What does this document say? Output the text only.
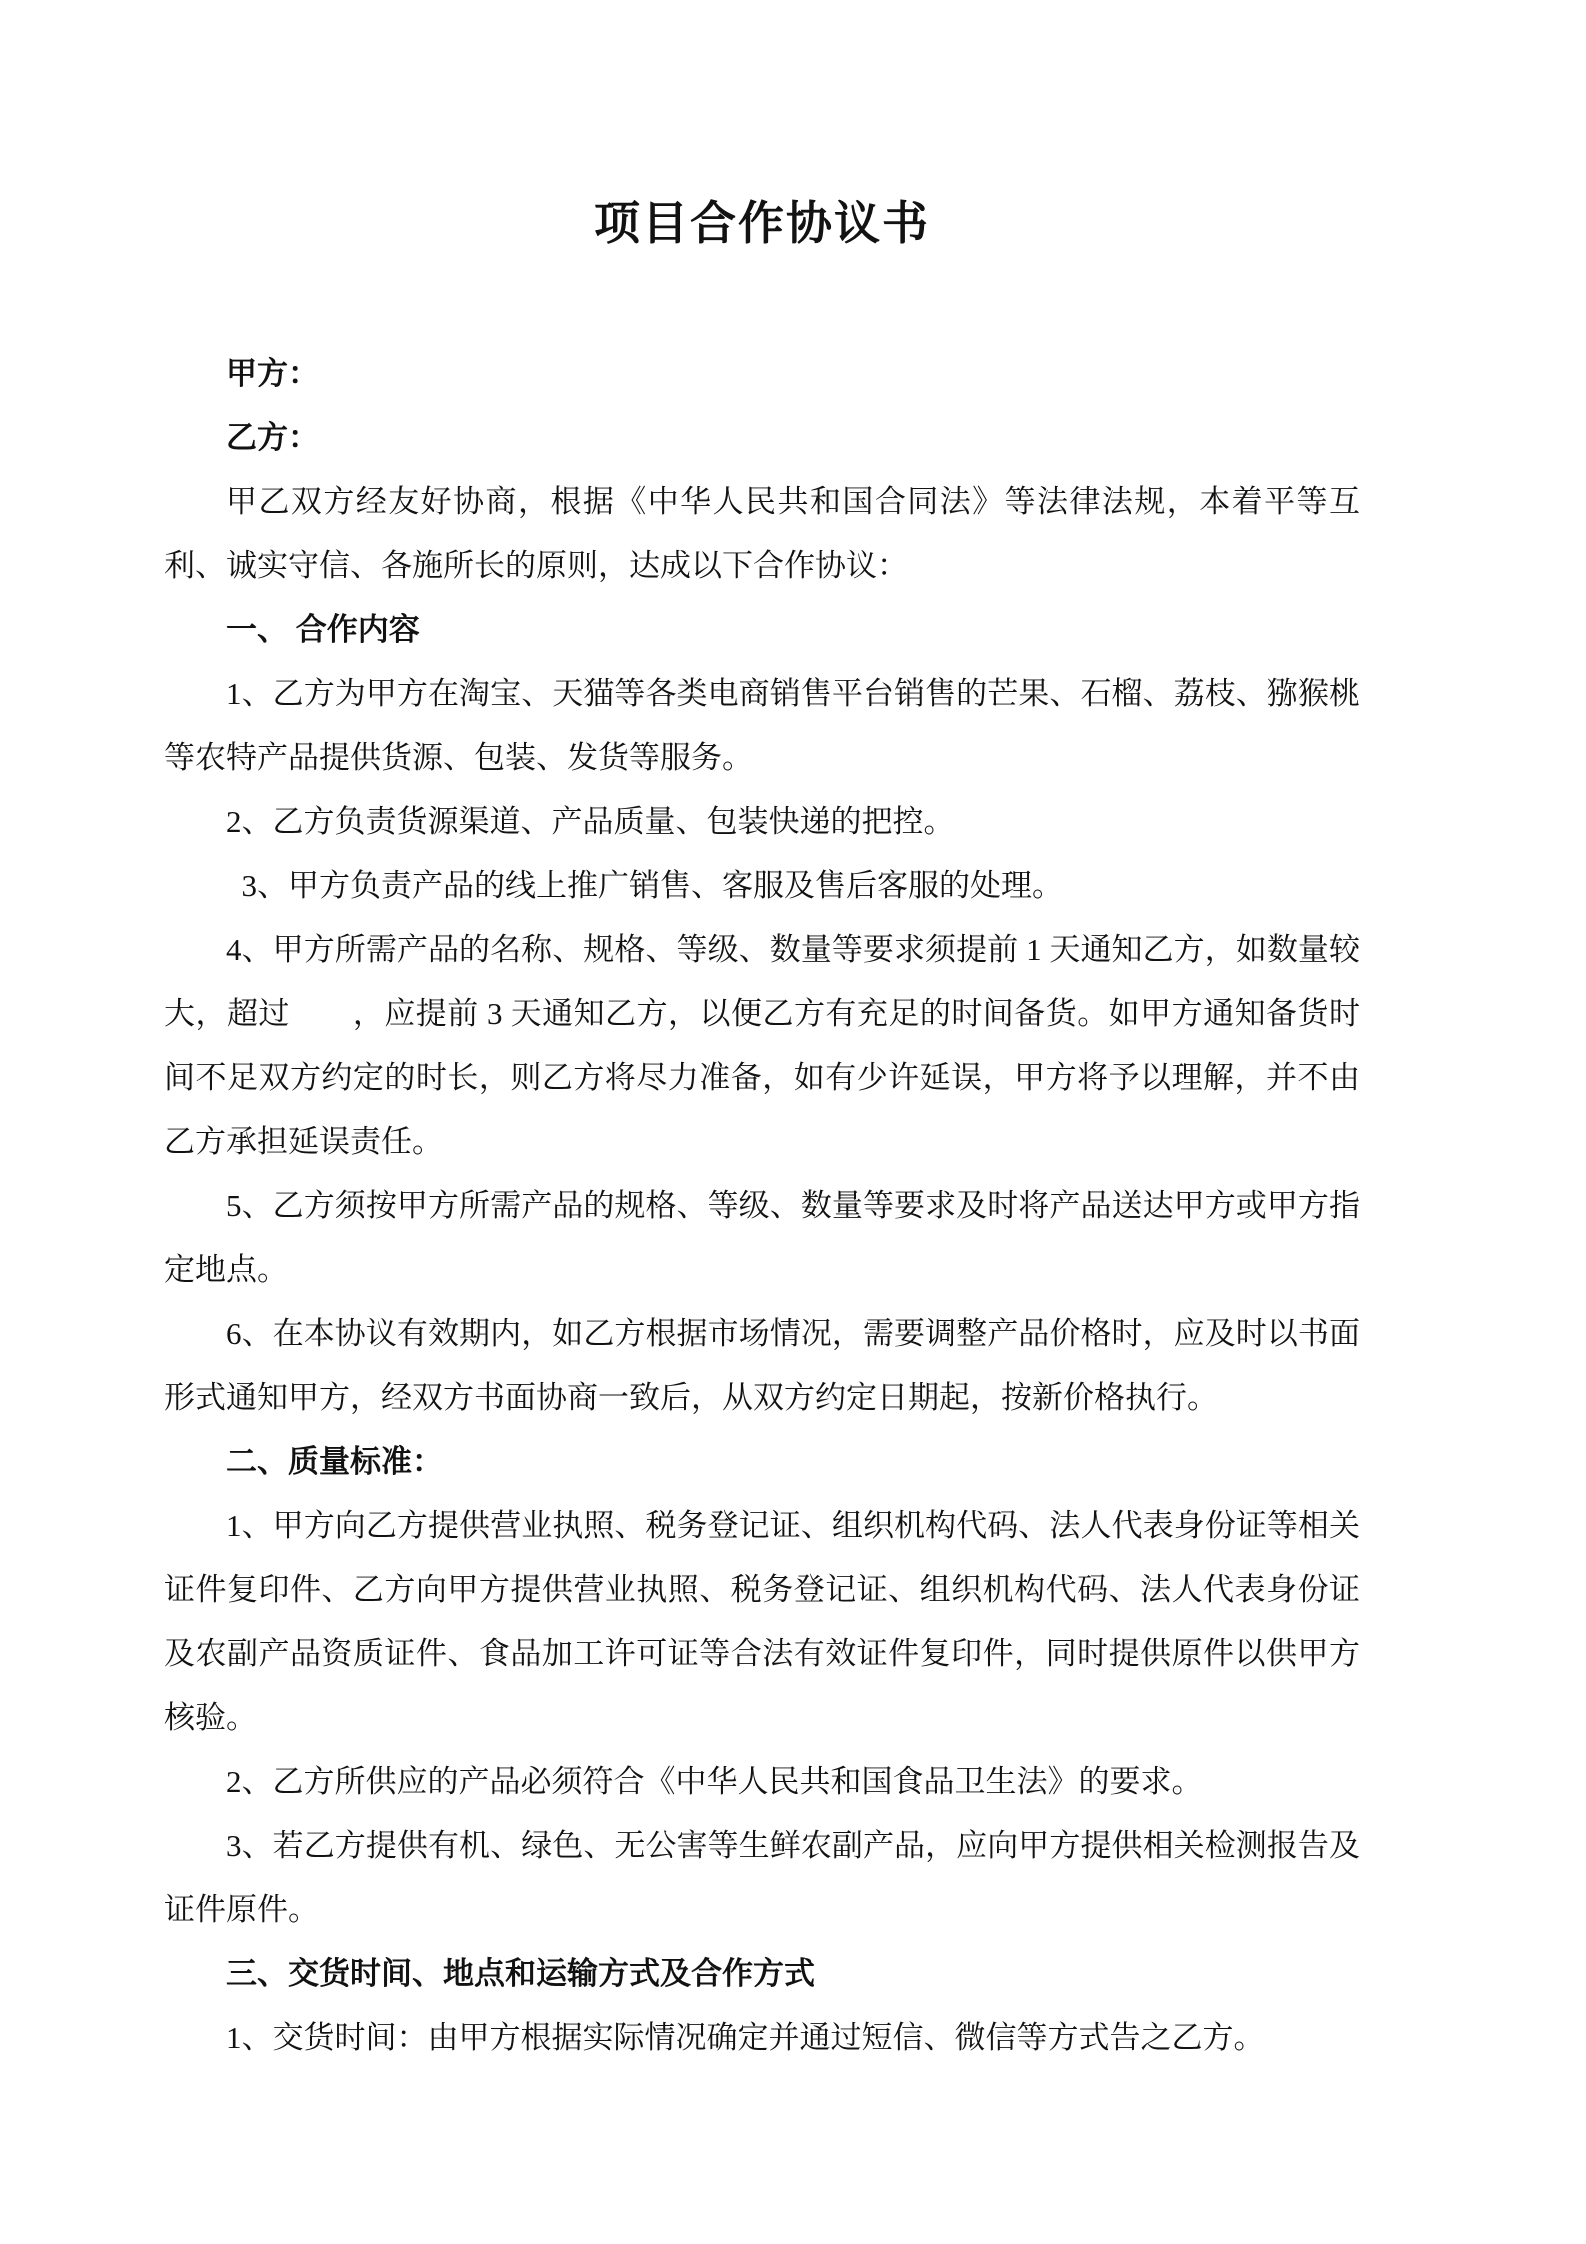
项目合作协议书

甲方：

乙方：

甲乙双方经友好协商，根据《中华人民共和国合同法》等法律法规，本着平等互利、诚实守信、各施所长的原则，达成以下合作协议：

一、 合作内容

1、乙方为甲方在淘宝、天猫等各类电商销售平台销售的芒果、石榴、荔枝、猕猴桃等农特产品提供货源、包装、发货等服务。

2、乙方负责货源渠道、产品质量、包装快递的把控。

3、甲方负责产品的线上推广销售、客服及售后客服的处理。

4、甲方所需产品的名称、规格、等级、数量等要求须提前 1 天通知乙方，如数量较大，超过　　，应提前 3 天通知乙方，以便乙方有充足的时间备货。如甲方通知备货时间不足双方约定的时长，则乙方将尽力准备，如有少许延误，甲方将予以理解，并不由乙方承担延误责任。

5、乙方须按甲方所需产品的规格、等级、数量等要求及时将产品送达甲方或甲方指定地点。

6、在本协议有效期内，如乙方根据市场情况，需要调整产品价格时，应及时以书面形式通知甲方，经双方书面协商一致后，从双方约定日期起，按新价格执行。

二、质量标准：

1、甲方向乙方提供营业执照、税务登记证、组织机构代码、法人代表身份证等相关证件复印件、乙方向甲方提供营业执照、税务登记证、组织机构代码、法人代表身份证及农副产品资质证件、食品加工许可证等合法有效证件复印件，同时提供原件以供甲方核验。

2、乙方所供应的产品必须符合《中华人民共和国食品卫生法》的要求。

3、若乙方提供有机、绿色、无公害等生鲜农副产品，应向甲方提供相关检测报告及证件原件。

三、交货时间、地点和运输方式及合作方式

1、交货时间：由甲方根据实际情况确定并通过短信、微信等方式告之乙方。
